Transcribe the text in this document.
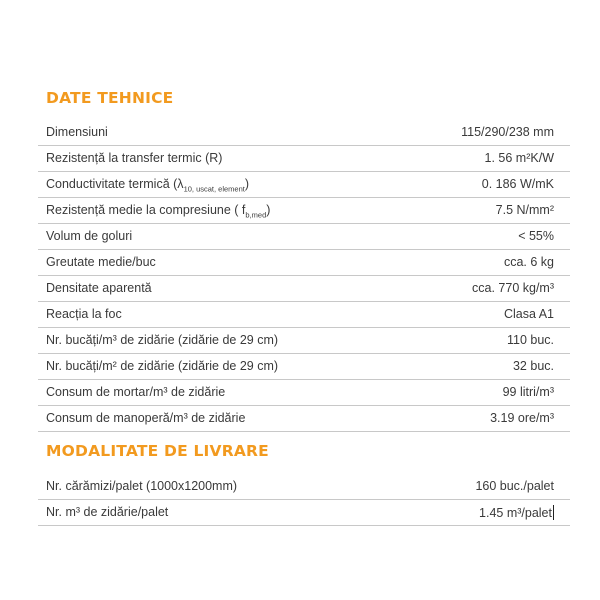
DATE TEHNICE
Dimensiuni	115/290/238 mm
Rezistență la transfer termic (R)	1. 56 m²K/W
Conductivitate termică $(\lambda_{10, uscat, element})$	0. 186 W/mK
Rezistență medie la compresiune ( $f_{b,med}$)	7.5 N/mm²
Volum de goluri	< 55%
Greutate medie/buc	cca. 6 kg
Densitate aparentă	cca. 770 kg/m³
Reacția la foc	Clasa A1
Nr. bucăți/m³ de zidărie (zidărie de 29 cm)	110 buc.
Nr. bucăți/m² de zidărie (zidărie de 29 cm)	32 buc.
Consum de mortar/m³ de zidărie	99 litri/m³
Consum de manoperă/m³ de zidărie	3.19 ore/m³
MODALITATE DE LIVRARE
Nr. cărămizi/palet (1000x1200mm)	160 buc./palet
Nr. m³ de zidărie/palet	1.45 m³/palet
